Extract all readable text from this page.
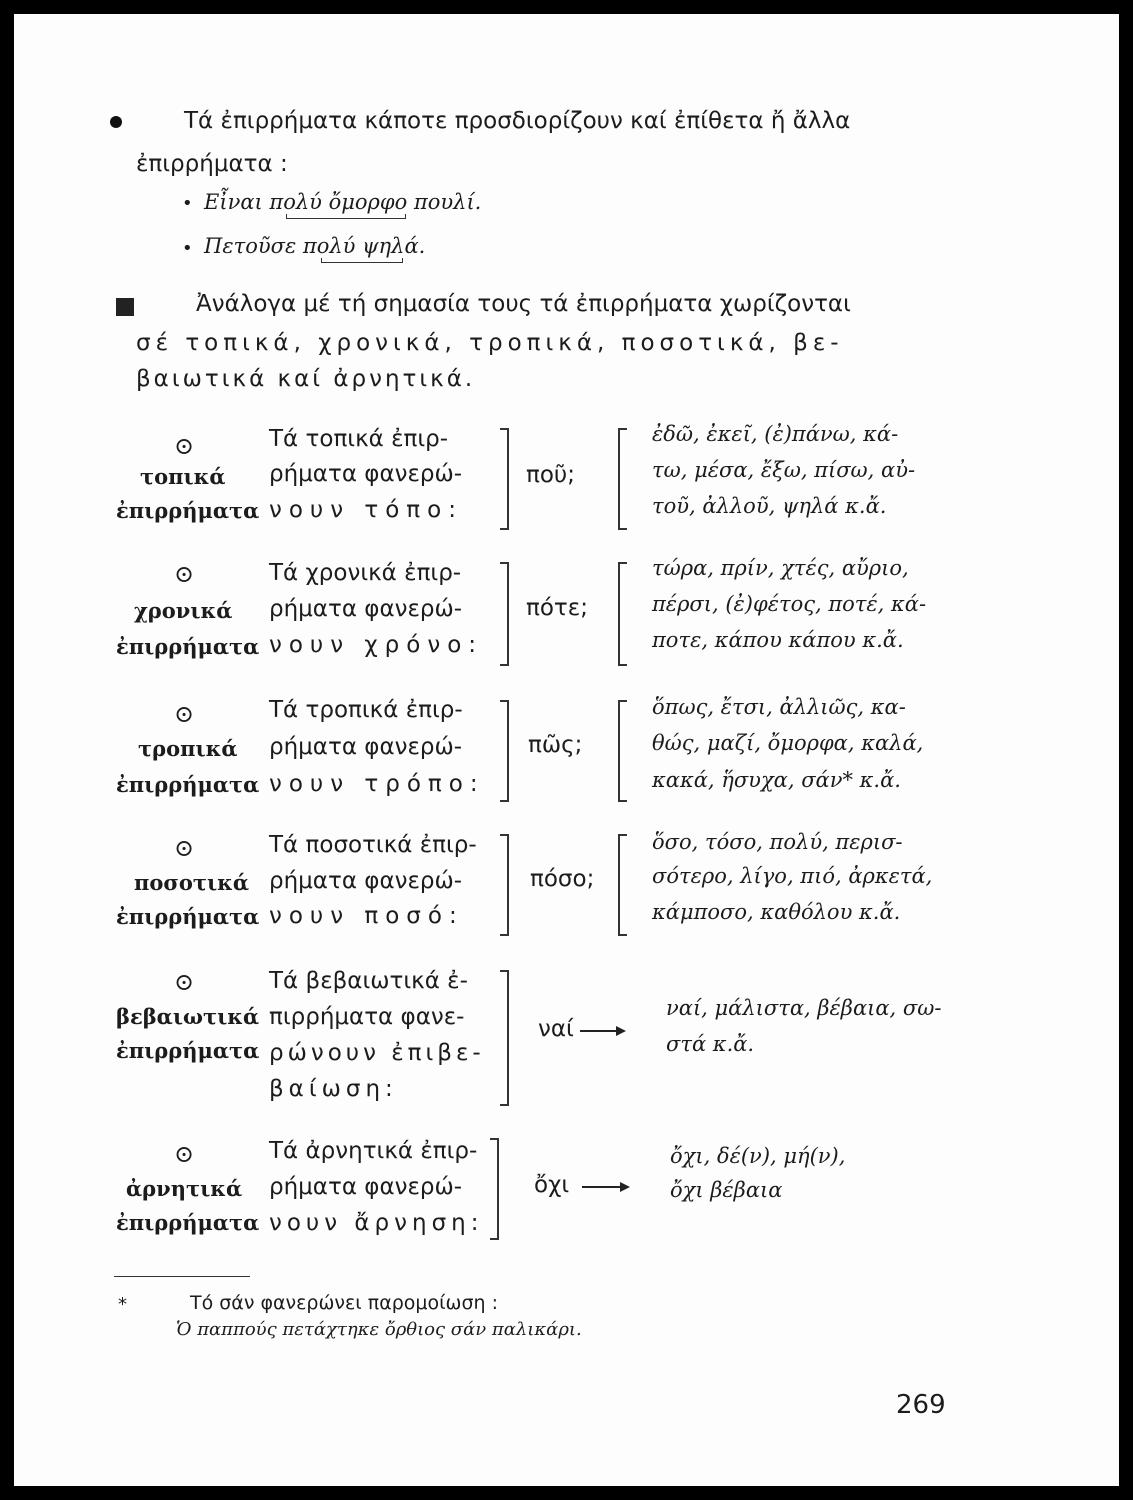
Τά ἐπιρρήματα κάποτε προσδιορίζουν καί ἐπίθετα ἤ ἄλλα
ἐπιρρήματα :
• Εἶναι πολύ ὄμορφο πουλί.
• Πετοῦσε πολύ ψηλά.
Ἀνάλογα μέ τή σημασία τους τά ἐπιρρήματα χωρίζονται
σέ τοπικά, χρονικά, τροπικά, ποσοτικά, βε-
βαιωτικά καί ἀρνητικά.
⊙
τοπικά
ἐπιρρήματα
Τά τοπικά ἐπιρ-
ρήματα φανερώ-
νουν τόπο:
ποῦ;
ἐδῶ, ἐκεῖ, (ἐ)πάνω, κά-
τω, μέσα, ἔξω, πίσω, αὐ-
τοῦ, ἀλλοῦ, ψηλά κ.ἄ.
⊙
χρονικά
ἐπιρρήματα
Τά χρονικά ἐπιρ-
ρήματα φανερώ-
νουν χρόνο:
πότε;
τώρα, πρίν, χτές, αὔριο,
πέρσι, (ἐ)φέτος, ποτέ, κά-
ποτε, κάπου κάπου κ.ἄ.
⊙
τροπικά
ἐπιρρήματα
Τά τροπικά ἐπιρ-
ρήματα φανερώ-
νουν τρόπο:
πῶς;
ὅπως, ἔτσι, ἀλλιῶς, κα-
θώς, μαζί, ὄμορφα, καλά,
κακά, ἥσυχα, σάν* κ.ἄ.
⊙
ποσοτικά
ἐπιρρήματα
Τά ποσοτικά ἐπιρ-
ρήματα φανερώ-
νουν ποσό:
πόσο;
ὅσο, τόσο, πολύ, περισ-
σότερο, λίγο, πιό, ἀρκετά,
κάμποσο, καθόλου κ.ἄ.
⊙
βεβαιωτικά
ἐπιρρήματα
Τά βεβαιωτικά ἐ-
πιρρήματα φανε-
ρώνουν ἐπιβε-
βαίωση:
ναί
ναί, μάλιστα, βέβαια, σω-
στά κ.ἄ.
⊙
ἀρνητικά
ἐπιρρήματα
Τά ἀρνητικά ἐπιρ-
ρήματα φανερώ-
νουν ἄρνηση:
ὄχι
ὄχι, δέ(ν), μή(ν),
ὄχι βέβαια
*	Τό σάν φανερώνει παρομοίωση :
Ὁ παππούς πετάχτηκε ὄρθιος σάν παλικάρι.
269
